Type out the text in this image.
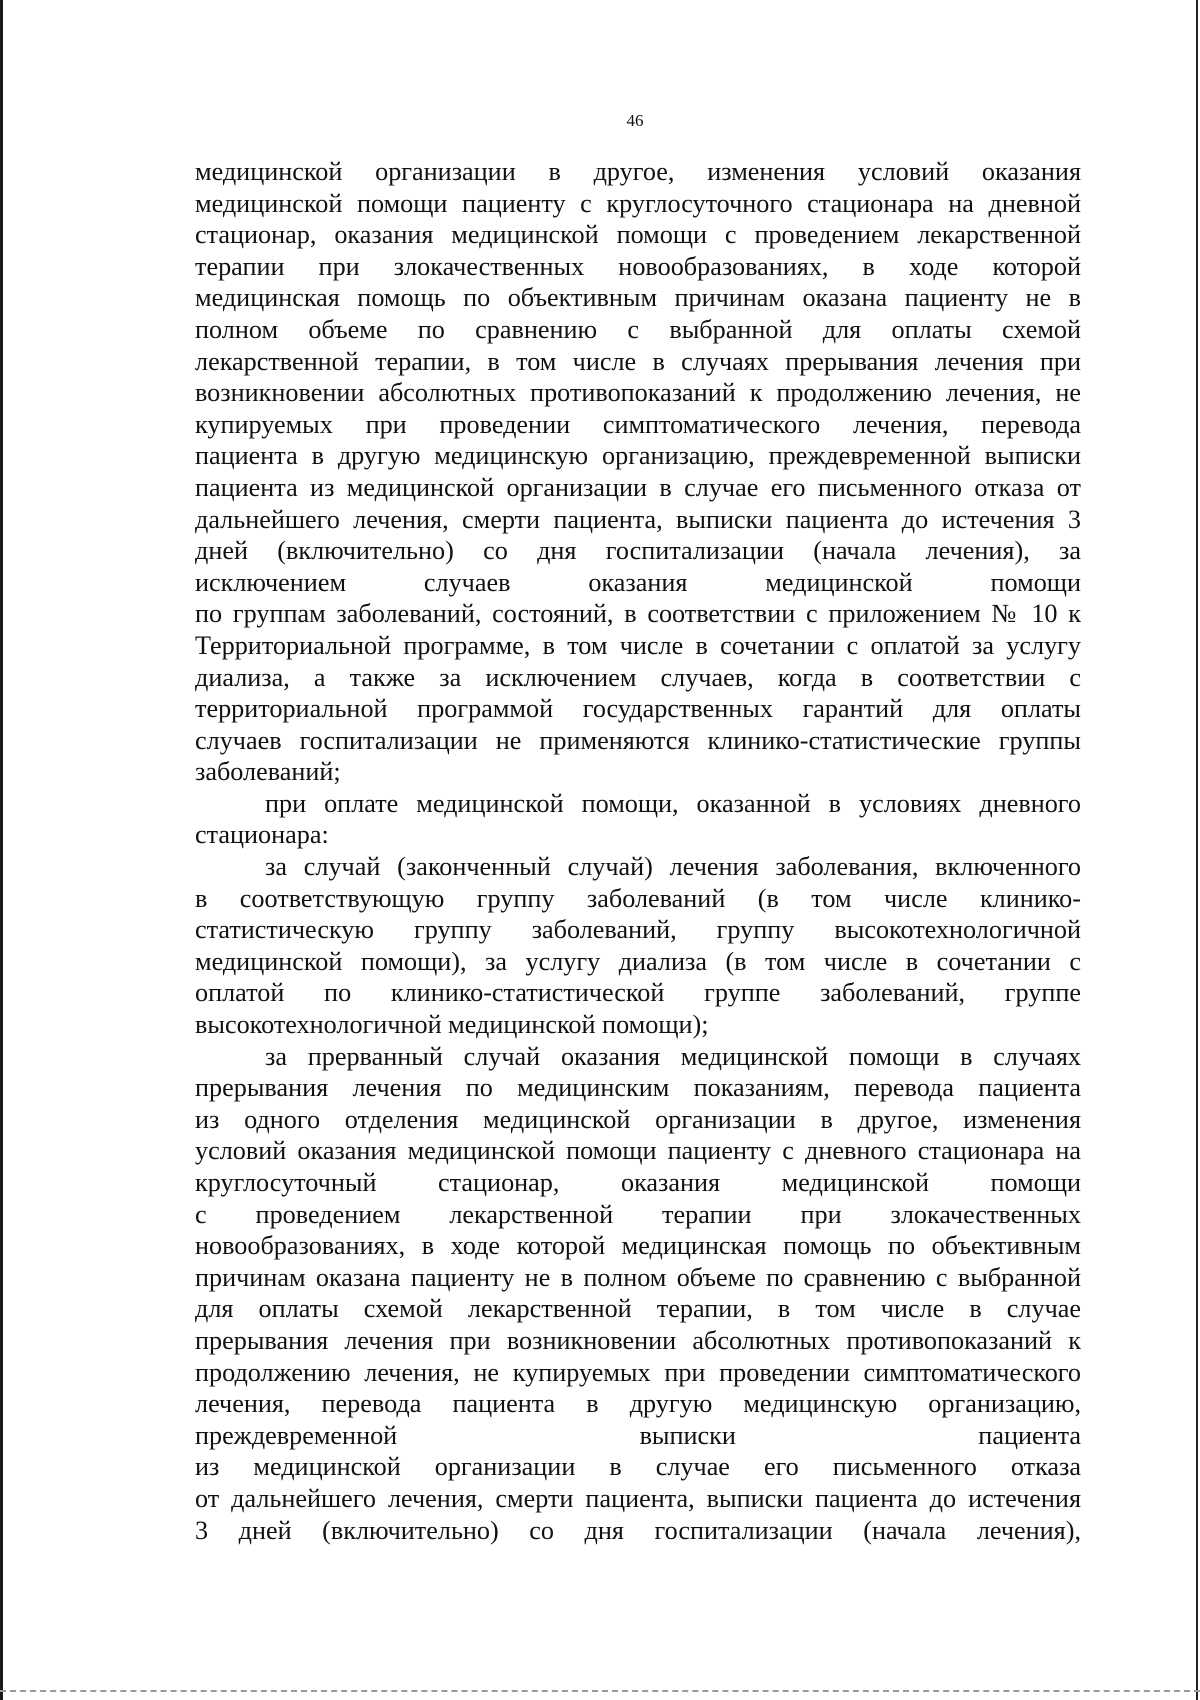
46
медицинской организации в другое, изменения условий оказания
медицинской помощи пациенту с круглосуточного стационара на дневной
стационар, оказания медицинской помощи с проведением лекарственной
терапии при злокачественных новообразованиях, в ходе которой
медицинская помощь по объективным причинам оказана пациенту не в
полном объеме по сравнению с выбранной для оплаты схемой
лекарственной терапии, в том числе в случаях прерывания лечения при
возникновении абсолютных противопоказаний к продолжению лечения, не
купируемых при проведении симптоматического лечения, перевода
пациента в другую медицинскую организацию, преждевременной выписки
пациента из медицинской организации в случае его письменного отказа от
дальнейшего лечения, смерти пациента, выписки пациента до истечения 3
дней (включительно) со дня госпитализации (начала лечения), за
исключением случаев оказания медицинской помощи
по группам заболеваний, состояний, в соответствии с приложением № 10 к
Территориальной программе, в том числе в сочетании с оплатой за услугу
диализа, а также за исключением случаев, когда в соответствии с
территориальной программой государственных гарантий для оплаты
случаев госпитализации не применяются клинико-статистические группы
заболеваний;
при оплате медицинской помощи, оказанной в условиях дневного
стационара:
за случай (законченный случай) лечения заболевания, включенного
в соответствующую группу заболеваний (в том числе клинико-
статистическую группу заболеваний, группу высокотехнологичной
медицинской помощи), за услугу диализа (в том числе в сочетании с
оплатой по клинико-статистической группе заболеваний, группе
высокотехнологичной медицинской помощи);
за прерванный случай оказания медицинской помощи в случаях
прерывания лечения по медицинским показаниям, перевода пациента
из одного отделения медицинской организации в другое, изменения
условий оказания медицинской помощи пациенту с дневного стационара на
круглосуточный стационар, оказания медицинской помощи
с проведением лекарственной терапии при злокачественных
новообразованиях, в ходе которой медицинская помощь по объективным
причинам оказана пациенту не в полном объеме по сравнению с выбранной
для оплаты схемой лекарственной терапии, в том числе в случае
прерывания лечения при возникновении абсолютных противопоказаний к
продолжению лечения, не купируемых при проведении симптоматического
лечения, перевода пациента в другую медицинскую организацию,
преждевременной выписки пациента
из медицинской организации в случае его письменного отказа
от дальнейшего лечения, смерти пациента, выписки пациента до истечения
3 дней (включительно) со дня госпитализации (начала лечения),
